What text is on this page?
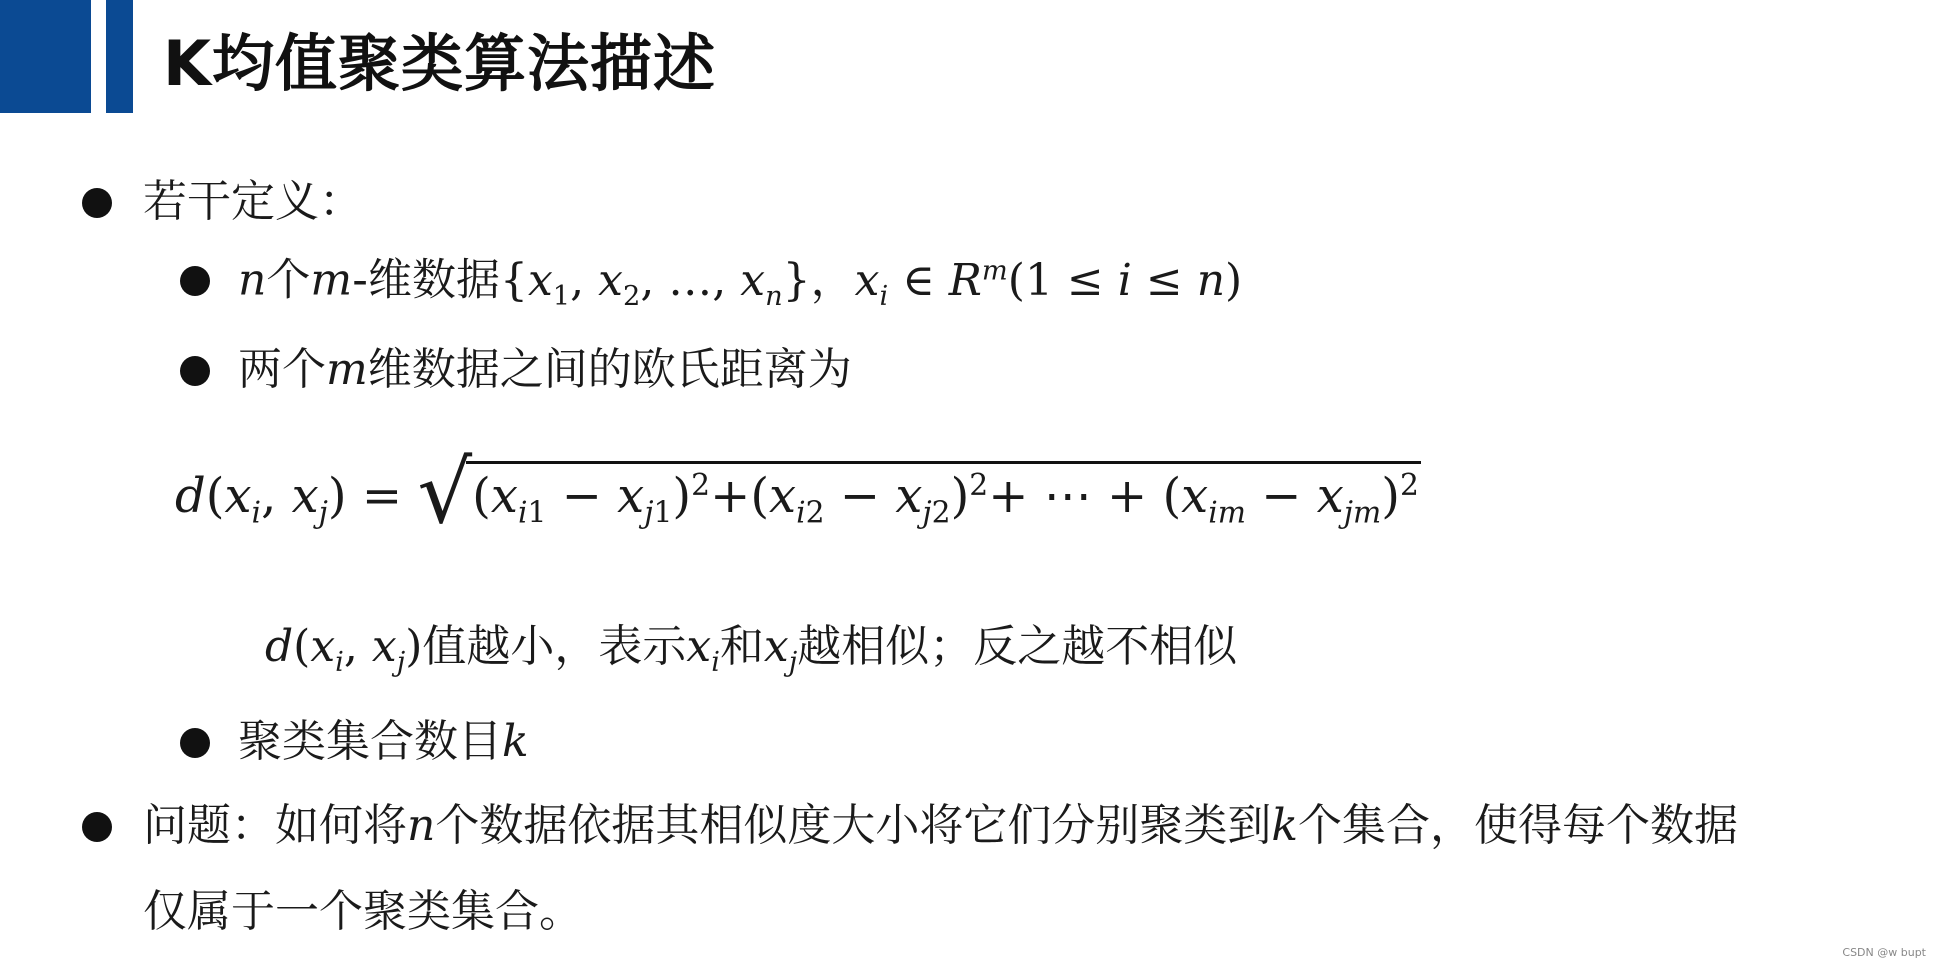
K均值聚类算法描述
若干定义：
n个m-维数据{$x_1$, $x_2$, …, $x_n$}，$x_i$ ∈ $R^m(1 \le i \le n)$
两个m维数据之间的欧氏距离为
$d(x_i$, $x_j) = √(x_{i1} - x_{j1})^2+(x_{i2} - x_{j2})^2+$ ⋯ + $(x_{im} - x_{jm})^2$
$d(x_i$, $x_j$)值越小，表示$x_i$和$x_j$越相似；反之越不相似
聚类集合数目k
问题：如何将n个数据依据其相似度大小将它们分别聚类到k个集合，使得每个数据
仅属于一个聚类集合。
CSDN @w bupt
